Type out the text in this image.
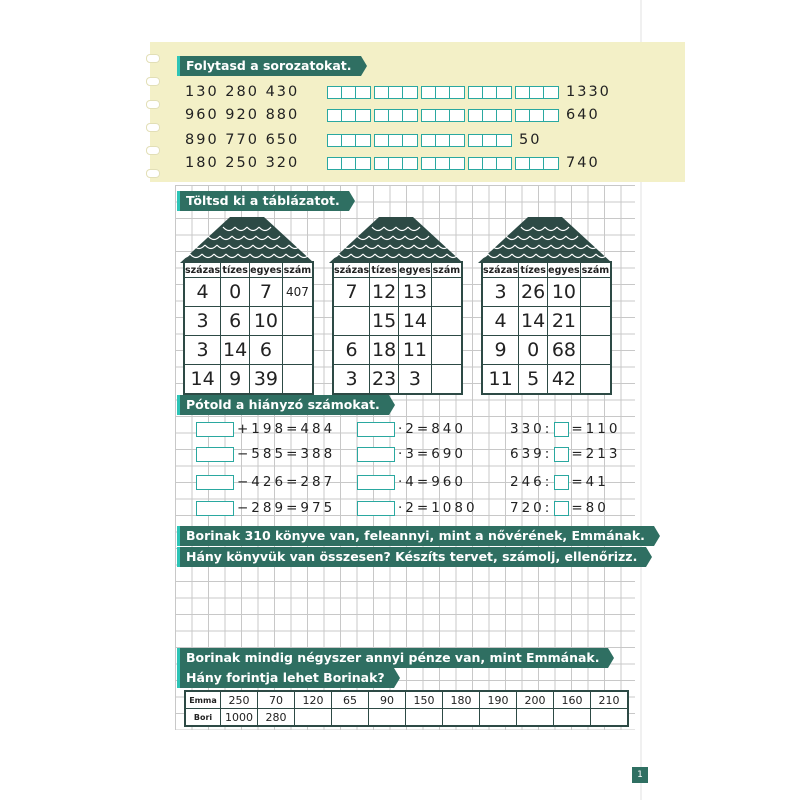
Folytasd a sorozatokat.
130 280 430	1330
960 920 880	640
890 770 650	50
180 250 320	740
Töltsd ki a táblázatot.
százas	tízes	egyes	szám
4	0	7	407
3	6	10	
3	14	6	
14	9	39	
százas	tízes	egyes	szám
7	12	13	
	15	14	
6	18	11	
3	23	3	
százas	tízes	egyes	szám
3	26	10	
4	14	21	
9	0	68	
11	5	42	
Pótold a hiányzó számokat.
+198=484
−585=388
−426=287
−289=975
·2=840
·3=690
·4=960
·2=1080
330: =110
639: =213
246: =41
720: =80
Borinak 310 könyve van, feleannyi, mint a nővérének, Emmának.
Hány könyvük van összesen? Készíts tervet, számolj, ellenőrizz.
Borinak mindig négyszer annyi pénze van, mint Emmának.
Hány forintja lehet Borinak?
Emma	250	70	120	65	90	150	180	190	200	160	210
Bori	1000	280									
1
